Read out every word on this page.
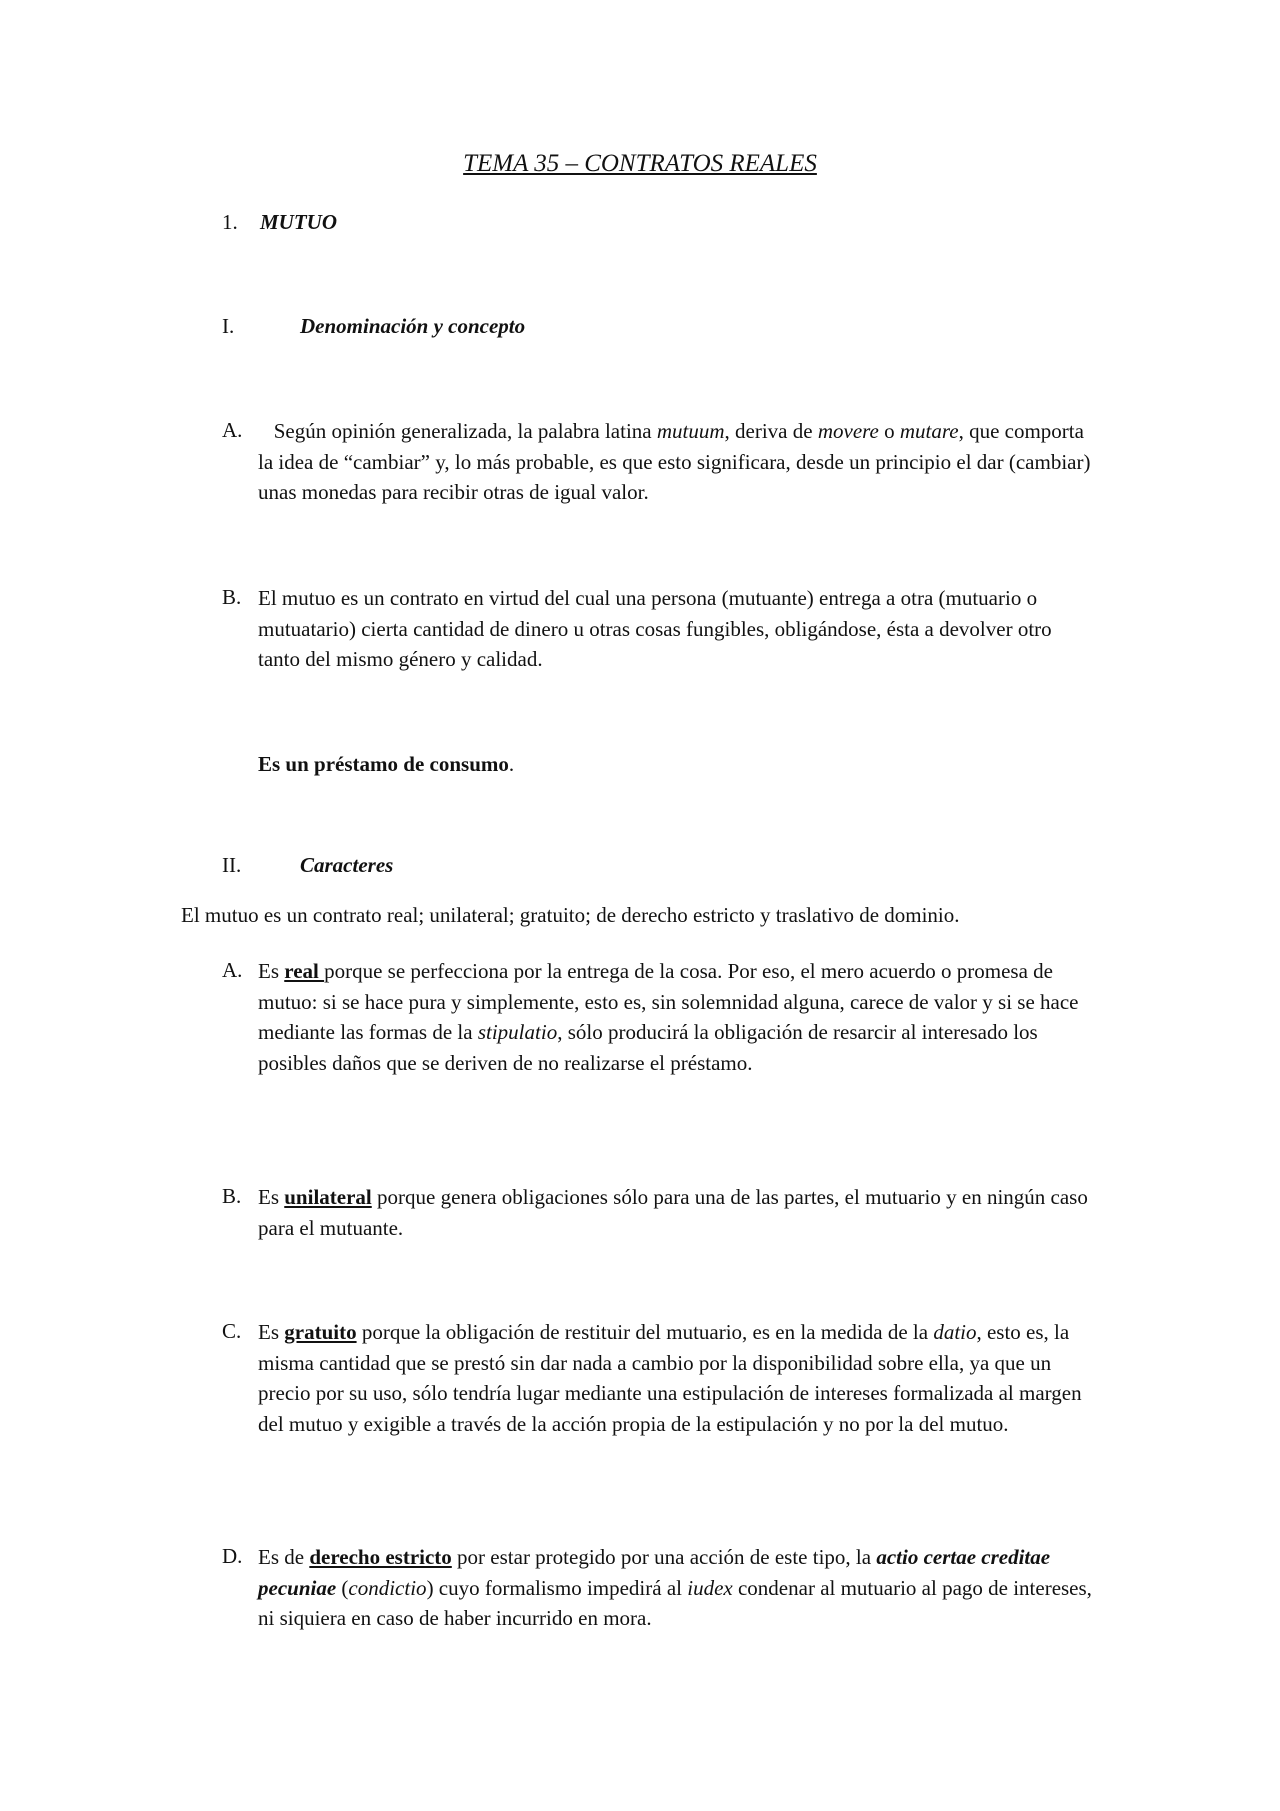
TEMA 35 – CONTRATOS REALES
1. MUTUO
I.	Denominación y concepto
A.	Según opinión generalizada, la palabra latina mutuum, deriva de movere o mutare, que comporta la idea de “cambiar” y, lo más probable, es que esto significara, desde un principio el dar (cambiar) unas monedas para recibir otras de igual valor.
B. El mutuo es un contrato en virtud del cual una persona (mutuante) entrega a otra (mutuario o mutuatario) cierta cantidad de dinero u otras cosas fungibles, obligándose, ésta a devolver otro tanto del mismo género y calidad.
Es un préstamo de consumo.
II.	Caracteres
El mutuo es un contrato real; unilateral; gratuito; de derecho estricto y traslativo de dominio.
A. Es real porque se perfecciona por la entrega de la cosa. Por eso, el mero acuerdo o promesa de mutuo: si se hace pura y simplemente, esto es, sin solemnidad alguna, carece de valor y si se hace mediante las formas de la stipulatio, sólo producirá la obligación de resarcir al interesado los posibles daños que se deriven de no realizarse el préstamo.
B. Es unilateral porque genera obligaciones sólo para una de las partes, el mutuario y en ningún caso para el mutuante.
C. Es gratuito porque la obligación de restituir del mutuario, es en la medida de la datio, esto es, la misma cantidad que se prestó sin dar nada a cambio por la disponibilidad sobre ella, ya que un precio por su uso, sólo tendría lugar mediante una estipulación de intereses formalizada al margen del mutuo y exigible a través de la acción propia de la estipulación y no por la del mutuo.
D. Es de derecho estricto por estar protegido por una acción de este tipo, la actio certae creditae pecuniae (condictio) cuyo formalismo impedirá al iudex condenar al mutuario al pago de intereses, ni siquiera en caso de haber incurrido en mora.
